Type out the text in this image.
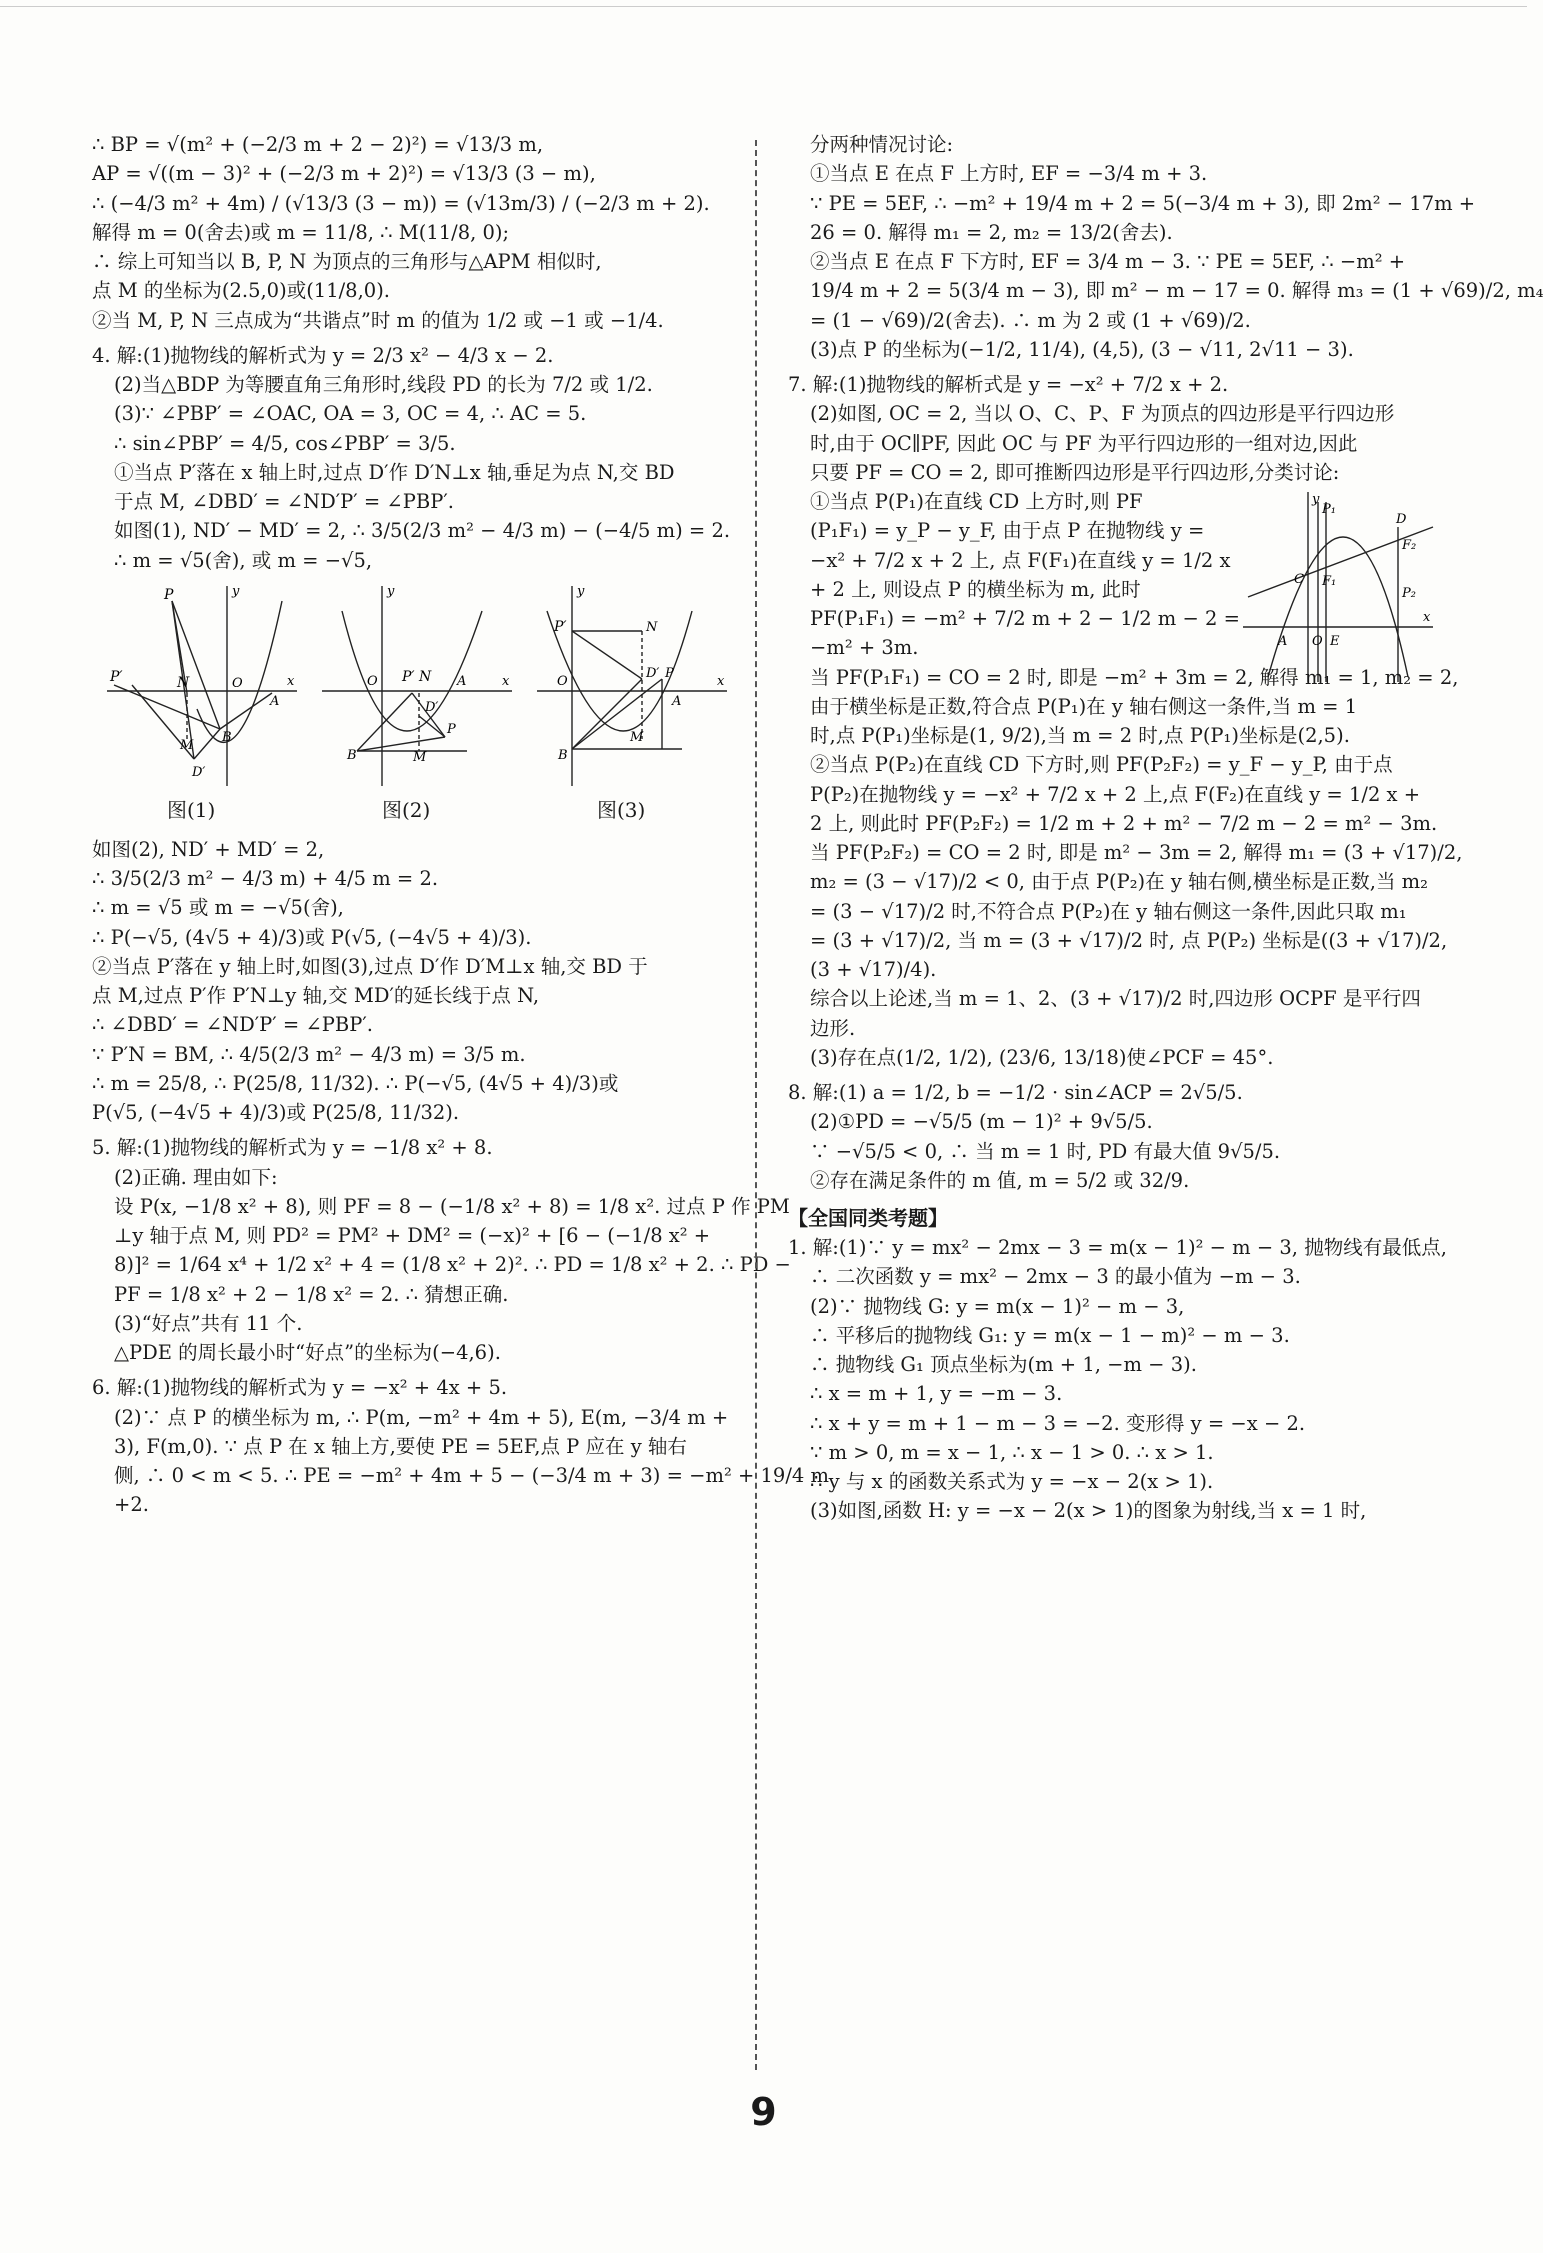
∴ BP = √(m² + (−2/3 m + 2 − 2)²) = √13/3 m,
AP = √((m − 3)² + (−2/3 m + 2)²) = √13/3 (3 − m),
∴ (−4/3 m² + 4m) / (√13/3 (3 − m)) = (√13m/3) / (−2/3 m + 2).
解得 m = 0(舍去)或 m = 11/8, ∴ M(11/8, 0);
∴ 综上可知当以 B, P, N 为顶点的三角形与△APM 相似时,
点 M 的坐标为(2.5,0)或(11/8,0).
②当 M, P, N 三点成为“共谐点”时 m 的值为 1/2 或 −1 或 −1/4.
4. 解:(1)抛物线的解析式为 y = 2/3 x² − 4/3 x − 2.
(2)当△BDP 为等腰直角三角形时,线段 PD 的长为 7/2 或 1/2.
(3)∵ ∠PBP′ = ∠OAC, OA = 3, OC = 4, ∴ AC = 5.
∴ sin∠PBP′ = 4/5, cos∠PBP′ = 3/5.
①当点 P′落在 x 轴上时,过点 D′作 D′N⊥x 轴,垂足为点 N,交 BD
于点 M, ∠DBD′ = ∠ND′P′ = ∠PBP′.
如图(1), ND′ − MD′ = 2, ∴ 3/5(2/3 m² − 4/3 m) − (−4/5 m) = 2.
∴ m = √5(舍), 或 m = −√5,
P
P′	N	O
A
B
M
D′
y
x	P′ N
O	A
B	M
P
D′
y
x
P′	N
D′ P
O
A
B
M
y
x
图(1)	图(2)	图(3)
如图(2), ND′ + MD′ = 2,
∴ 3/5(2/3 m² − 4/3 m) + 4/5 m = 2.
∴ m = √5 或 m = −√5(舍),
∴ P(−√5, (4√5 + 4)/3)或 P(√5, (−4√5 + 4)/3).
②当点 P′落在 y 轴上时,如图(3),过点 D′作 D′M⊥x 轴,交 BD 于
点 M,过点 P′作 P′N⊥y 轴,交 MD′的延长线于点 N,
∴ ∠DBD′ = ∠ND′P′ = ∠PBP′.
∵ P′N = BM, ∴ 4/5(2/3 m² − 4/3 m) = 3/5 m.
∴ m = 25/8, ∴ P(25/8, 11/32). ∴ P(−√5, (4√5 + 4)/3)或
P(√5, (−4√5 + 4)/3)或 P(25/8, 11/32).
5. 解:(1)抛物线的解析式为 y = −1/8 x² + 8.
(2)正确. 理由如下:
设 P(x, −1/8 x² + 8), 则 PF = 8 − (−1/8 x² + 8) = 1/8 x². 过点 P 作 PM
⊥y 轴于点 M, 则 PD² = PM² + DM² = (−x)² + [6 − (−1/8 x² +
8)]² = 1/64 x⁴ + 1/2 x² + 4 = (1/8 x² + 2)². ∴ PD = 1/8 x² + 2. ∴ PD −
PF = 1/8 x² + 2 − 1/8 x² = 2. ∴ 猜想正确.
(3)“好点”共有 11 个.
△PDE 的周长最小时“好点”的坐标为(−4,6).
6. 解:(1)抛物线的解析式为 y = −x² + 4x + 5.
(2)∵ 点 P 的横坐标为 m, ∴ P(m, −m² + 4m + 5), E(m, −3/4 m +
3), F(m,0). ∵ 点 P 在 x 轴上方,要使 PE = 5EF,点 P 应在 y 轴右
侧, ∴ 0 < m < 5. ∴ PE = −m² + 4m + 5 − (−3/4 m + 3) = −m² + 19/4 m
+2.
分两种情况讨论:
①当点 E 在点 F 上方时, EF = −3/4 m + 3.
∵ PE = 5EF, ∴ −m² + 19/4 m + 2 = 5(−3/4 m + 3), 即 2m² − 17m +
26 = 0. 解得 m₁ = 2, m₂ = 13/2(舍去).
②当点 E 在点 F 下方时, EF = 3/4 m − 3. ∵ PE = 5EF, ∴ −m² +
19/4 m + 2 = 5(3/4 m − 3), 即 m² − m − 17 = 0. 解得 m₃ = (1 + √69)/2, m₄
= (1 − √69)/2(舍去). ∴ m 为 2 或 (1 + √69)/2.
(3)点 P 的坐标为(−1/2, 11/4), (4,5), (3 − √11, 2√11 − 3).
7. 解:(1)抛物线的解析式是 y = −x² + 7/2 x + 2.
(2)如图, OC = 2, 当以 O、C、P、F 为顶点的四边形是平行四边形
时,由于 OC∥PF, 因此 OC 与 PF 为平行四边形的一组对边,因此
只要 PF = CO = 2, 即可推断四边形是平行四边形,分类讨论:
P₁
D
F₂
C F₁
P₂
A O E
y
x
①当点 P(P₁)在直线 CD 上方时,则 PF
(P₁F₁) = y_P − y_F, 由于点 P 在抛物线 y =
−x² + 7/2 x + 2 上, 点 F(F₁)在直线 y = 1/2 x
+ 2 上, 则设点 P 的横坐标为 m, 此时
PF(P₁F₁) = −m² + 7/2 m + 2 − 1/2 m − 2 =
−m² + 3m.
当 PF(P₁F₁) = CO = 2 时, 即是 −m² + 3m = 2, 解得 m₁ = 1, m₂ = 2,
由于横坐标是正数,符合点 P(P₁)在 y 轴右侧这一条件,当 m = 1
时,点 P(P₁)坐标是(1, 9/2),当 m = 2 时,点 P(P₁)坐标是(2,5).
②当点 P(P₂)在直线 CD 下方时,则 PF(P₂F₂) = y_F − y_P, 由于点
P(P₂)在抛物线 y = −x² + 7/2 x + 2 上,点 F(F₂)在直线 y = 1/2 x +
2 上, 则此时 PF(P₂F₂) = 1/2 m + 2 + m² − 7/2 m − 2 = m² − 3m.
当 PF(P₂F₂) = CO = 2 时, 即是 m² − 3m = 2, 解得 m₁ = (3 + √17)/2,
m₂ = (3 − √17)/2 < 0, 由于点 P(P₂)在 y 轴右侧,横坐标是正数,当 m₂
= (3 − √17)/2 时,不符合点 P(P₂)在 y 轴右侧这一条件,因此只取 m₁
= (3 + √17)/2, 当 m = (3 + √17)/2 时, 点 P(P₂) 坐标是((3 + √17)/2,
(3 + √17)/4).
综合以上论述,当 m = 1、2、(3 + √17)/2 时,四边形 OCPF 是平行四
边形.
(3)存在点(1/2, 1/2), (23/6, 13/18)使∠PCF = 45°.
8. 解:(1) a = 1/2, b = −1/2 · sin∠ACP = 2√5/5.
(2)①PD = −√5/5 (m − 1)² + 9√5/5.
∵ −√5/5 < 0, ∴ 当 m = 1 时, PD 有最大值 9√5/5.
②存在满足条件的 m 值, m = 5/2 或 32/9.
【全国同类考题】
1. 解:(1)∵ y = mx² − 2mx − 3 = m(x − 1)² − m − 3, 抛物线有最低点,
∴ 二次函数 y = mx² − 2mx − 3 的最小值为 −m − 3.
(2)∵ 抛物线 G: y = m(x − 1)² − m − 3,
∴ 平移后的抛物线 G₁: y = m(x − 1 − m)² − m − 3.
∴ 抛物线 G₁ 顶点坐标为(m + 1, −m − 3).
∴ x = m + 1, y = −m − 3.
∴ x + y = m + 1 − m − 3 = −2. 变形得 y = −x − 2.
∵ m > 0, m = x − 1, ∴ x − 1 > 0. ∴ x > 1.
∴ y 与 x 的函数关系式为 y = −x − 2(x > 1).
(3)如图,函数 H: y = −x − 2(x > 1)的图象为射线,当 x = 1 时,
9
